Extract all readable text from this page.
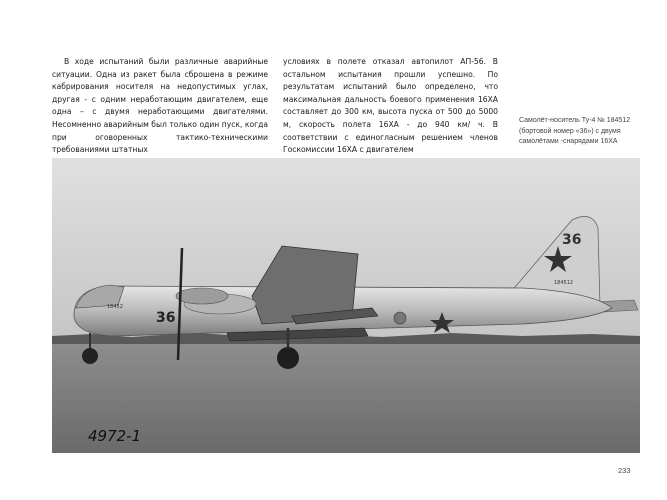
В ходе испытаний были различные аварийные ситуации. Одна из ракет была сброшена в режиме кабрирования носителя на недопустимых углах, другая - с одним неработающим двигателем, еще одна – с двумя неработающими двигателями. Несомненно аварийным был только один пуск, когда при оговоренных тактико-техническими требованиями штатных

условиях в полете отказал автопилот АП-56. В остальном испытания прошли успешно. По результатам испытаний было определено, что максимальная дальность боевого применения 16ХА составляет до 300 км, высота пуска от 500 до 5000 м, скорость полета 16ХА - до 940 км/ ч. В соответствии с единогласным решением членов Госкомиссии 16ХА с двигателем

Самолёт-носитель Ту-4 № 184512 (бортовой номер «36») с двумя самолётами -снарядами 16ХА
36
184512
36
18452
4972-1
233
